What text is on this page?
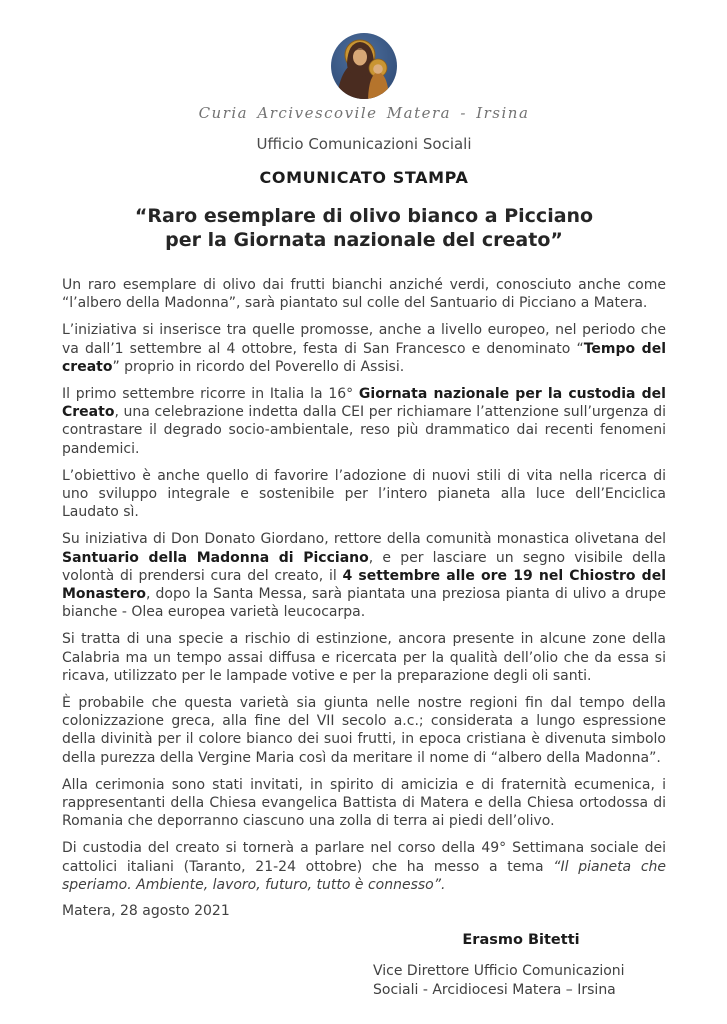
Curia Arcivescovile Matera - Irsina
Ufficio Comunicazioni Sociali
COMUNICATO STAMPA
“Raro esemplare di olivo bianco a Picciano
per la Giornata nazionale del creato”

Un raro esemplare di olivo dai frutti bianchi anziché verdi, conosciuto anche come “l’albero della Madonna”, sarà piantato sul colle del Santuario di Picciano a Matera.

L’iniziativa si inserisce tra quelle promosse, anche a livello europeo, nel periodo che va dall’1 settembre al 4 ottobre, festa di San Francesco e denominato “Tempo del creato” proprio in ricordo del Poverello di Assisi.

Il primo settembre ricorre in Italia la 16° Giornata nazionale per la custodia del Creato, una celebrazione indetta dalla CEI per richiamare l’attenzione sull’urgenza di contrastare il degrado socio-ambientale, reso più drammatico dai recenti fenomeni pandemici.

L’obiettivo è anche quello di favorire l’adozione di nuovi stili di vita nella ricerca di uno sviluppo integrale e sostenibile per l’intero pianeta alla luce dell’Enciclica Laudato sì.

Su iniziativa di Don Donato Giordano, rettore della comunità monastica olivetana del Santuario della Madonna di Picciano, e per lasciare un segno visibile della volontà di prendersi cura del creato, il 4 settembre alle ore 19 nel Chiostro del Monastero, dopo la Santa Messa, sarà piantata una preziosa pianta di ulivo a drupe bianche - Olea europea varietà leucocarpa.

Si tratta di una specie a rischio di estinzione, ancora presente in alcune zone della Calabria ma un tempo assai diffusa e ricercata per la qualità dell’olio che da essa si ricava, utilizzato per le lampade votive e per la preparazione degli oli santi.

È probabile che questa varietà sia giunta nelle nostre regioni fin dal tempo della colonizzazione greca, alla fine del VII secolo a.c.; considerata a lungo espressione della divinità per il colore bianco dei suoi frutti, in epoca cristiana è divenuta simbolo della purezza della Vergine Maria così da meritare il nome di “albero della Madonna”.

Alla cerimonia sono stati invitati, in spirito di amicizia e di fraternità ecumenica, i rappresentanti della Chiesa evangelica Battista di Matera e della Chiesa ortodossa di Romania che deporranno ciascuno una zolla di terra ai piedi dell’olivo.

Di custodia del creato si tornerà a parlare nel corso della 49° Settimana sociale dei cattolici italiani (Taranto, 21-24 ottobre) che ha messo a tema “Il pianeta che speriamo. Ambiente, lavoro, futuro, tutto è connesso”.

Matera, 28 agosto 2021
Erasmo Bitetti
Vice Direttore Ufficio Comunicazioni
Sociali - Arcidiocesi Matera – Irsina
